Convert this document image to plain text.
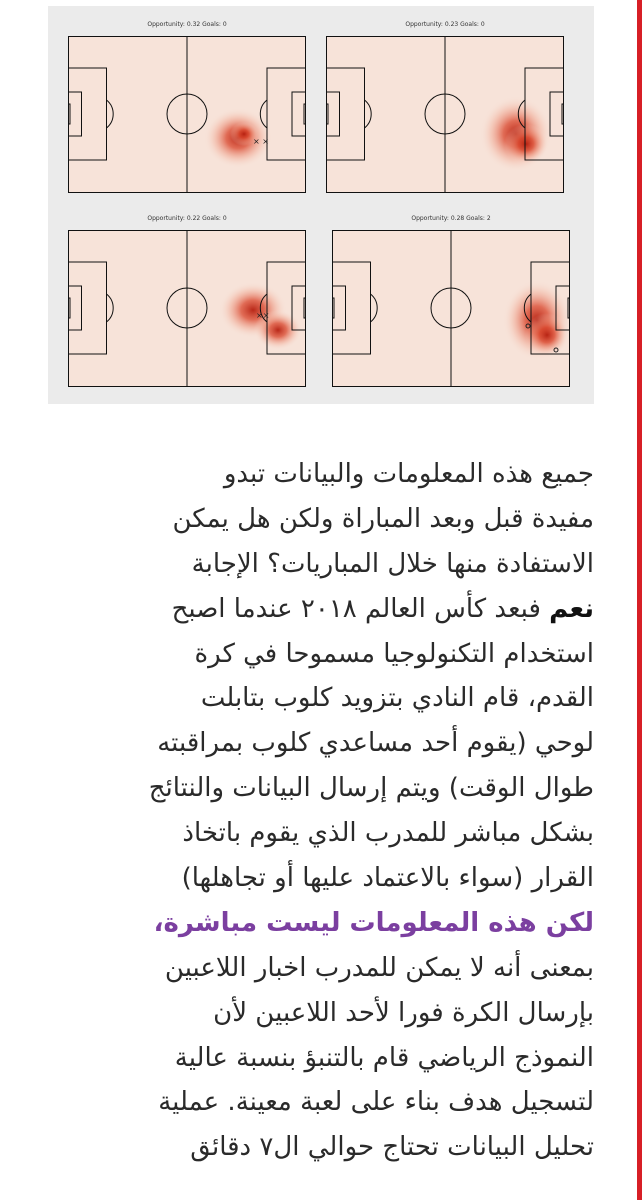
Opportunity: 0.32 Goals: 0
× ×
Opportunity: 0.23 Goals: 0
Opportunity: 0.22 Goals: 0
××
Opportunity: 0.28 Goals: 2
جميع هذه المعلومات والبيانات تبدو
مفيدة قبل وبعد المباراة ولكن هل يمكن
الاستفادة منها خلال المباريات؟ الإجابة
نعم فبعد كأس العالم ٢٠١٨ عندما اصبح
استخدام التكنولوجيا مسموحا في كرة
القدم، قام النادي بتزويد كلوب بتابلت
لوحي (يقوم أحد مساعدي كلوب بمراقبته
طوال الوقت) ويتم إرسال البيانات والنتائج
بشكل مباشر للمدرب الذي يقوم باتخاذ
القرار (سواء بالاعتماد عليها أو تجاهلها)
لكن هذه المعلومات ليست مباشرة،
بمعنى أنه لا يمكن للمدرب اخبار اللاعبين
بإرسال الكرة فورا لأحد اللاعبين لأن
النموذج الرياضي قام بالتنبؤ بنسبة عالية
لتسجيل هدف بناء على لعبة معينة. عملية
تحليل البيانات تحتاج حوالي ال٧ دقائق
